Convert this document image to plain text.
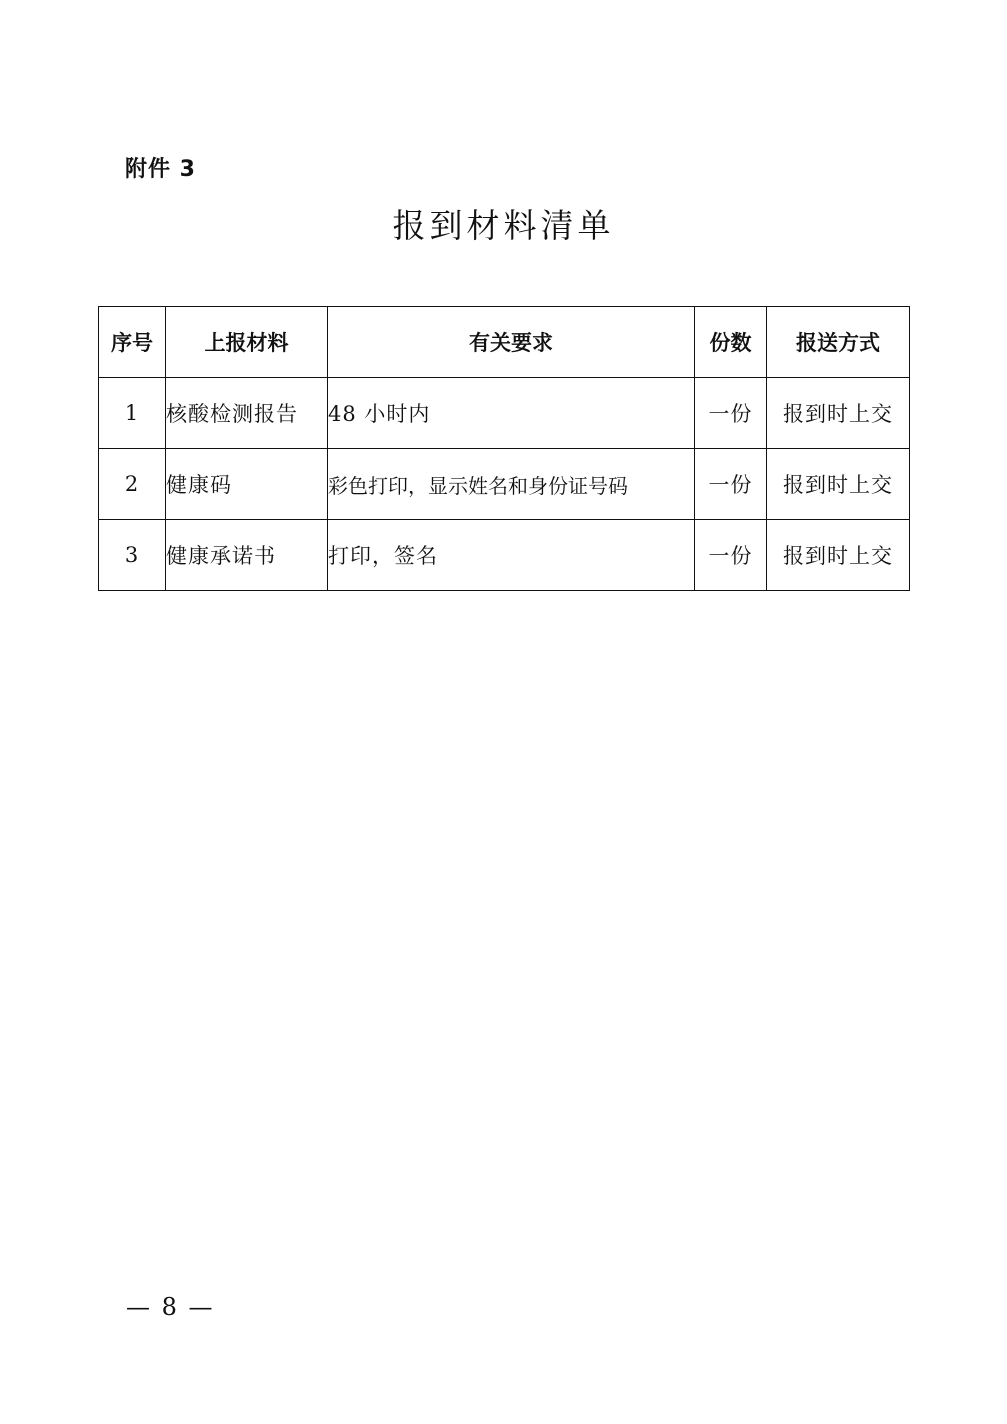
附件 3
报到材料清单
序号	上报材料	有关要求	份数	报送方式
1	核酸检测报告	48 小时内	一份	报到时上交
2	健康码	彩色打印，显示姓名和身份证号码	一份	报到时上交
3	健康承诺书	打印，签名	一份	报到时上交
— 8 —
